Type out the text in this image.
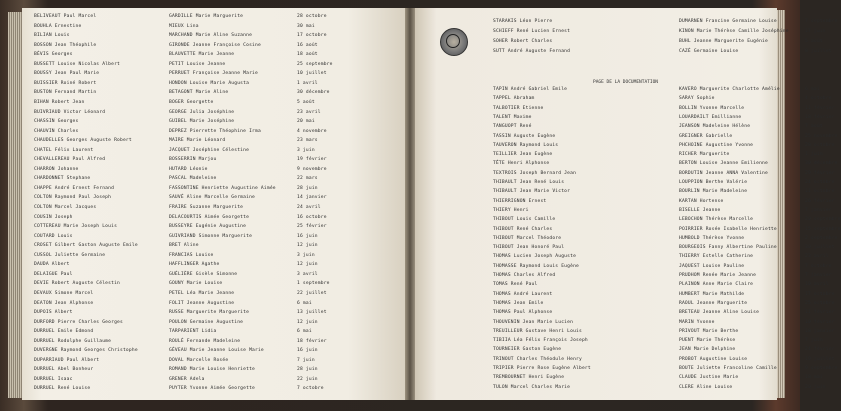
BELIVEAUT Paul Marcel	GARDILLE Marie Marguerite	28 octobre
BOUHLA Ernestine	MIEUX Lina	30 mai
BILIAN Louis	MARCHAND Marie Aline Suzanne	17 octobre
BOSSON Jean Théophile	GIRONDE Jeanne Françoise Cosine	16 août
BÉVIS Georges	BLAUVETTE Marie Jeanne	18 août
BUSSETT Louise Nicolas Albert	PETIT Louise Jeanne	25 septembre
BOUSSY Jean Paul Marie	PERRUET Françoise Jeanne Marie	10 juillet
BUISSIER Roiné Robert	HONDON Louise Marie Augusta	1 avril
BUSTON Fernand Martin	BETAGONT Marie Aline	30 décembre
BIHAN Robert Jean	BOGER Georgette	5 août
BUIVRIAUD Victor Léonard	GEORGE Julia Joséphine	23 avril
CHASSIN Georges	GUIBEL Marie Joséphine	20 mai
CHAUVIN Charles	DEPREZ Pierrette Théophine Irma	4 novembre
CHAUDELLES Georges Auguste Robert	MAIRE Marie Léonard	23 mars
CHATEL Félix Laurent	JACQUET Joséphine Célestine	3 juin
CHEVALLEREAU Paul Alfred	BOSSERRIN Marjou	19 février
CHARRON Johanne	HUTARD Léonie	9 novembre
CHARDONNET Stephane	PASCAL Madeleine	22 mars
CHAPPE André Ernest Fernand	FASSONTINE Henriette Augustine Aimée	28 juin
COLTON Raymond Paul Joseph	SAUVÉ Aline Marcelle Germaine	14 janvier
COLTON Marcel Jacques	FRAIRE Suzanne Marguerite	24 avril
COUSIN Joseph	DELACOURTIS Aimée Georgette	16 octobre
COTTEREAU Marie Joseph Louis	BUSSEYRE Eugénie Augustine	25 février
COUTARD Louis	GUIVRIAND Simonne Marguerite	16 juin
CROSET Gilbert Gaston Auguste Emile	BRET Aline	12 juin
CUSSOL Juliette Germaine	FRANCIAS Louise	3 juin
DAUDA Albert	HAFFLINGER Agathe	12 juin
DELAIGUE Paul	GUÉLIÈRE Gisèle Simonne	3 avril
DEVIE Robert Auguste Célestin	GOUNY Marie Louise	1 septembre
DEVAUX Simone Marcel	PETEL Léa Marie Jeanne	22 juillet
DEATON Jean Alphonse	FOLIT Jeanne Augustine	6 mai
DUPOIS Albert	RUSSE Marguerite Marguerite	13 juillet
DURFORD Pierre Charles Georges	POULON Germaine Augustine	12 juin
DURRUEL Emile Edmond	TARPARIENT Lidia	6 mai
DURRUEL Rodolphe Guillaume	ROULÉ Fernande Madeleine	18 février
DUVERGNE Raymond Georges Christophe	GÉVEAU Marie Jeanne Louise Marie	16 juin
DUPARRIAUD Paul Albert	DOVAL Marcelle Rosée	7 juin
DURRUEL Abel Bonheur	ROMAND Marie Louise Henriette	28 juin
DURRUEL Isaac	GRENER Adela	22 juin
DURRUEL René Louise	PUYTER Yvonne Aimée Georgette	7 octobre
PAGE DE LA DOCUMENTATION
STARAKIS Léon Pierre	DUMARNEN Francine Germaine Louise	7 septembre
SCHIEFF René Lucien Ernest	KINON Marie Thérèse Camille Joséphine	17 juin
SOHER Robert Charles	BUHL Jeanne Marguerite Eugénie	5 août
SUTT André Auguste Fernand	CAZÉ Germaine Louise	8 juillet
TAPIN André Gabriel Emile	KAVERO Marguerite Charlotte Amélie	6 mai
TAPPEL Abraham	SARAY Sophie	4 octobre
TALBOTIER Etienne	BOLLIN Yvonne Marcelle	11 février
TALENT Maxime	LOUARDAILT Emillianne	18 février
TANGUOPT René	JEANSON Madeleine Hélène	7 août
TASSIN Auguste Eugène	GREIGNER Gabrielle	25 novembre
TAUVERON Raymond Louis	PHCHOINE Augustine Yvonne	28 octobre
TEILLIER Jean Eugène	RICHER Marguerite	1 juin
TÊTE Henri Alphonse	BERTON Louise Jeanne Emilienne	30 décembre
TEXTROIS Joseph Bernard Jean	BORDUTIN Jeanne ANNA Valentine	29 février
THIBAULT Jean René Louis	LOUPPION Berthe Valérie	24 octobre
THIBAULT Jean Marie Victor	BOURLIN Marie Madeleine	11 octobre
THIERRIGNON Ernest	KARTAN Hortense	26 février
THIERY Henri	BISELLE Jeanne	7 janvier
THIBOUT Louis Camille	LEBOCHON Thérèse Marcelle	20 septembre
THIBOUT René Charles	POIRRIER Rosée Isabelle Henriette	15 septembre
THIBOUT Marcel Théodore	HUMBOLD Thérèse Yvonne	2 septembre
THIBOUT Jean Honoré Paul	BOURGEOIS Fanny Albertine Pauline	30 juillet
THOMAS Lucien Joseph Auguste	THIERRY Estelle Catherine	23 avril
THOMASSE Raymond Louis Eugène	JAQUEST Louise Pauline	7 octobre
THOMAS Charles Alfred	PRUDHOM Renée Marie Jeanne	7 janvier
TOMAS René Paul	PLAINON Anne Marie Claire	10 avril
THOMAS André Laurent	HUMBERT Marie Mathilde	17 octobre
THOMAS Jean Emile	RAOUL Jeanne Marguerite	25 octobre
THOMAS Paul Alphonse	BRETEAU Jeanne Aline Louise	11 février
THOUVENIN Jean Marie Lucien	MARIN Yvonne	10 février
TREUILLEUR Gustave Henri Louis	PRIVOUT Marie Berthe	18 janvier
TIBIIA Léa Félix François Joseph	PUENT Marie Thérèse	7 juin
TOURNEIER Gaston Eugène	JEAN Marie Delphine	24 février
TRINOUT Charles Théodule Henry	PROBOT Augustine Louise	19 juillet
TRIPIER Pierre Rose Eugène Albert	BOUTE Juliette Francoline Camille	9 septembre
TREMBOURNET Henri Eugène	CLAUDE Justine Marie	18 mai
TULON Marcel Charles Marie	CLERE Aline Louise	20 juin
